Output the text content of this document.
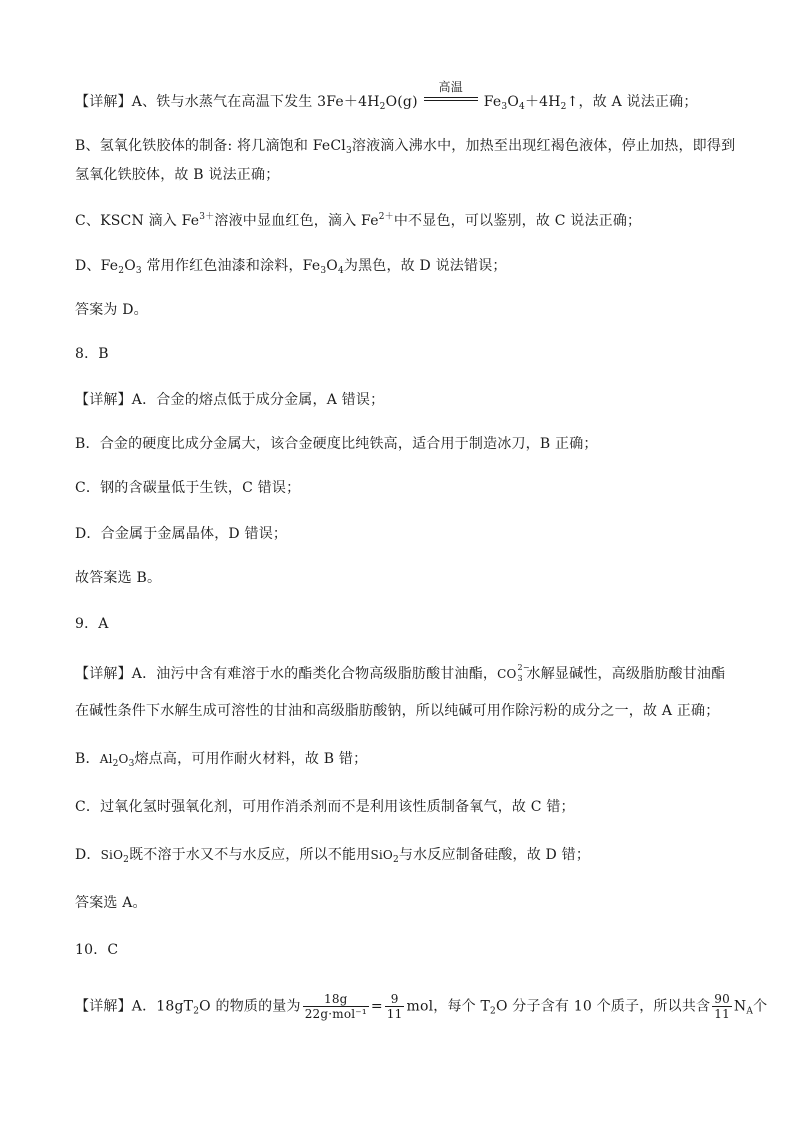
【详解】A、铁与水蒸气在高温下发生 $3Fe+4H_2O(g)$
高温
$Fe_3O_4+4H_2↑$，故 A 说法正确；
B、氢氧化铁胶体的制备: 将几滴饱和 FeCl$_3$溶液滴入沸水中，加热至出现红褐色液体，停止加热，即得到
氢氧化铁胶体，故 B 说法正确；
C、KSCN 滴入 $Fe^{3+}$溶液中显血红色，滴入 $Fe^{2+}$中不显色，可以鉴别，故 C 说法正确；
D、$Fe_2O_3$ 常用作红色油漆和涂料，$Fe_3O_4$为黑色，故 D 说法错误；
答案为 D。
8．B
【详解】A．合金的熔点低于成分金属，A 错误；
B．合金的硬度比成分金属大，该合金硬度比纯铁高，适合用于制造冰刀，B 正确；
C．钢的含碳量低于生铁，C 错误；
D．合金属于金属晶体，D 错误；
故答案选 B。
9．A
【详解】A．油污中含有难溶于水的酯类化合物高级脂肪酸甘油酯，CO 2−
3 水解显碱性，高级脂肪酸甘油酯
在碱性条件下水解生成可溶性的甘油和高级脂肪酸钠，所以纯碱可用作除污粉的成分之一，故 A 正确；
B．$Al_2O_3$熔点高，可用作耐火材料，故 B 错；
C．过氧化氢时强氧化剂，可用作消杀剂而不是利用该性质制备氧气，故 C 错；
D．SiO$_2$既不溶于水又不与水反应，所以不能用SiO$_2$与水反应制备硅酸，故 D 错；
答案选 A。
10．C
【详解】A．$18gT_2O$ 的物质的量为 $\frac{18g}{\text{22g·mol⁻¹}} = \frac{9}{11}$ mol，每个 $T_2O$ 分子含有 10 个质子，所以共含 $\frac{90}{11} N_A$个
